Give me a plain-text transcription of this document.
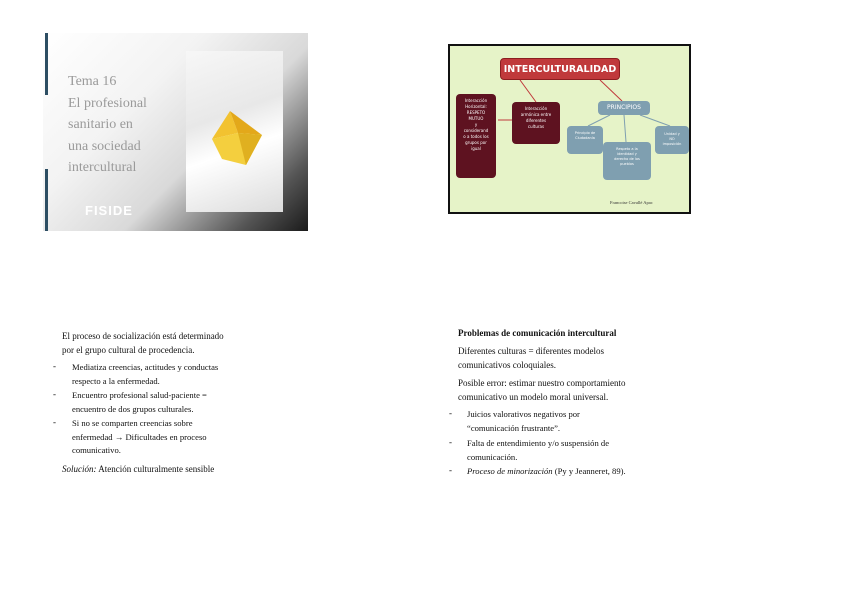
Tema 16
El profesional
sanitario en
una sociedad
intercultural
FISIDE
INTERCULTURALIDAD
Interacción
Horizontal:
RESPETO
MUTUO
y
considerand
o a todos los
grupos por
igual
Interacción
armónica entre
diferentes
culturas
PRINCIPIOS
Principio de
Ciudadanía
Respeto a la
identidad y
derecho de los
pueblos
Unidad y
NO
imposición
Francoise Cavallé Apac
El proceso de socialización está determinado
por el grupo cultural de procedencia.
- Mediatiza creencias, actitudes y conductas
respecto a la enfermedad.
- Encuentro profesional salud-paciente =
encuentro de dos grupos culturales.
- Si no se comparten creencias sobre
enfermedad → Dificultades en proceso
comunicativo.
Solución: Atención culturalmente sensible
Problemas de comunicación intercultural
Diferentes culturas = diferentes modelos
comunicativos coloquiales.
Posible error: estimar nuestro comportamiento
comunicativo un modelo moral universal.
- Juicios valorativos negativos por
“comunicación frustrante”.
- Falta de entendimiento y/o suspensión de
comunicación.
- Proceso de minorización (Py y Jeanneret, 89).
